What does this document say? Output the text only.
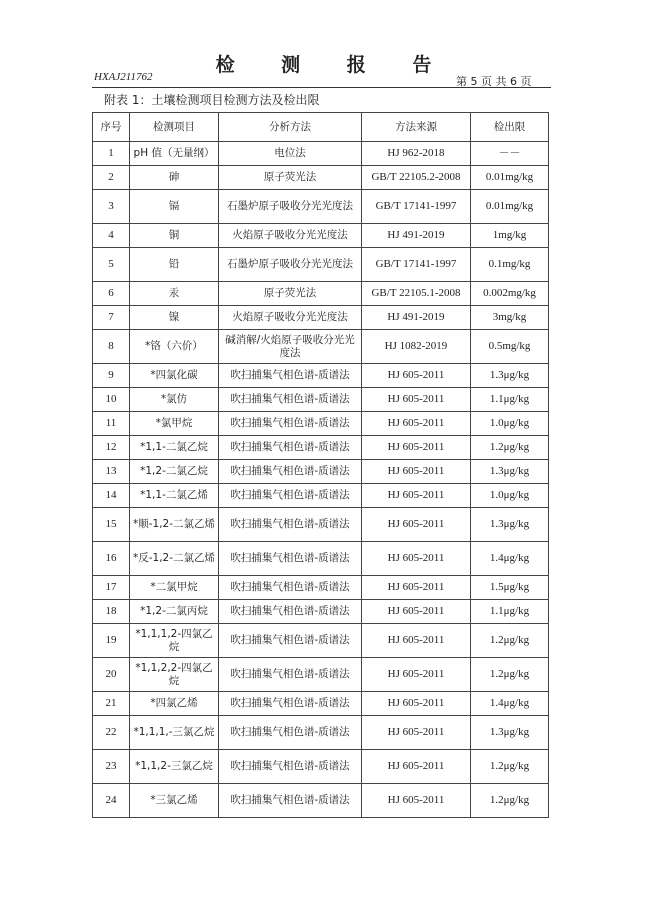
检 测 报 告
HXAJ211762	第 5 页 共 6 页
附表 1：土壤检测项目检测方法及检出限
序号	检测项目	分析方法	方法来源	检出限
1	pH 值（无量纲）	电位法	HJ 962-2018	－－
2	砷	原子荧光法	GB/T 22105.2-2008	0.01mg/kg
3	镉	石墨炉原子吸收分光光度法	GB/T 17141-1997	0.01mg/kg
4	铜	火焰原子吸收分光光度法	HJ 491-2019	1mg/kg
5	铅	石墨炉原子吸收分光光度法	GB/T 17141-1997	0.1mg/kg
6	汞	原子荧光法	GB/T 22105.1-2008	0.002mg/kg
7	镍	火焰原子吸收分光光度法	HJ 491-2019	3mg/kg
8	*铬（六价）	碱消解/火焰原子吸收分光光度法	HJ 1082-2019	0.5mg/kg
9	*四氯化碳	吹扫捕集气相色谱-质谱法	HJ 605-2011	1.3μg/kg
10	*氯仿	吹扫捕集气相色谱-质谱法	HJ 605-2011	1.1μg/kg
11	*氯甲烷	吹扫捕集气相色谱-质谱法	HJ 605-2011	1.0μg/kg
12	*1,1-二氯乙烷	吹扫捕集气相色谱-质谱法	HJ 605-2011	1.2μg/kg
13	*1,2-二氯乙烷	吹扫捕集气相色谱-质谱法	HJ 605-2011	1.3μg/kg
14	*1,1-二氯乙烯	吹扫捕集气相色谱-质谱法	HJ 605-2011	1.0μg/kg
15	*顺-1,2-二氯乙烯	吹扫捕集气相色谱-质谱法	HJ 605-2011	1.3μg/kg
16	*反-1,2-二氯乙烯	吹扫捕集气相色谱-质谱法	HJ 605-2011	1.4μg/kg
17	*二氯甲烷	吹扫捕集气相色谱-质谱法	HJ 605-2011	1.5μg/kg
18	*1,2-二氯丙烷	吹扫捕集气相色谱-质谱法	HJ 605-2011	1.1μg/kg
19	*1,1,1,2-四氯乙烷	吹扫捕集气相色谱-质谱法	HJ 605-2011	1.2μg/kg
20	*1,1,2,2-四氯乙烷	吹扫捕集气相色谱-质谱法	HJ 605-2011	1.2μg/kg
21	*四氯乙烯	吹扫捕集气相色谱-质谱法	HJ 605-2011	1.4μg/kg
22	*1,1,1,-三氯乙烷	吹扫捕集气相色谱-质谱法	HJ 605-2011	1.3μg/kg
23	*1,1,2-三氯乙烷	吹扫捕集气相色谱-质谱法	HJ 605-2011	1.2μg/kg
24	*三氯乙烯	吹扫捕集气相色谱-质谱法	HJ 605-2011	1.2μg/kg
